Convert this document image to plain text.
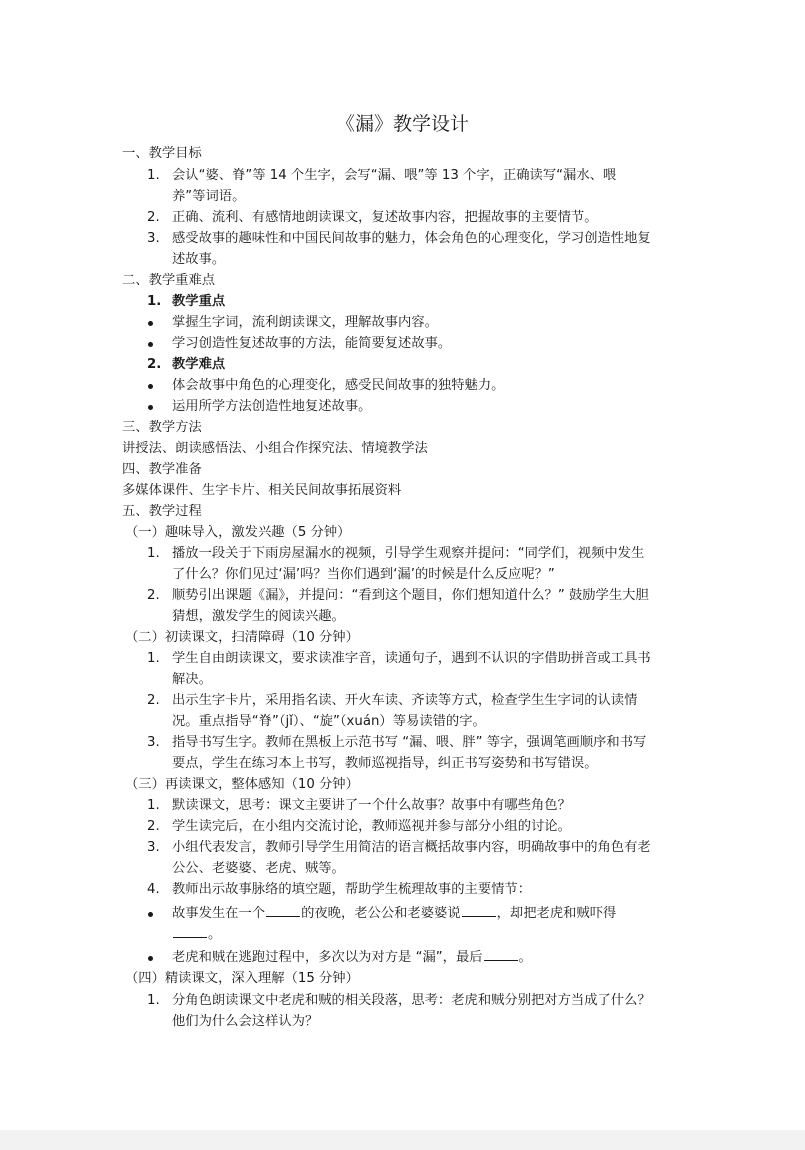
《漏》教学设计
一、教学目标
1. 会认“婆、脊”等 14 个生字，会写“漏、喂”等 13 个字，正确读写“漏水、喂
养”等词语。
2. 正确、流利、有感情地朗读课文，复述故事内容，把握故事的主要情节。
3. 感受故事的趣味性和中国民间故事的魅力，体会角色的心理变化，学习创造性地复
述故事。
二、教学重难点
1. 教学重点
掌握生字词，流利朗读课文，理解故事内容。
学习创造性复述故事的方法，能简要复述故事。
2. 教学难点
体会故事中角色的心理变化，感受民间故事的独特魅力。
运用所学方法创造性地复述故事。
三、教学方法
讲授法、朗读感悟法、小组合作探究法、情境教学法
四、教学准备
多媒体课件、生字卡片、相关民间故事拓展资料
五、教学过程
（一）趣味导入，激发兴趣（5 分钟）
1. 播放一段关于下雨房屋漏水的视频，引导学生观察并提问：“同学们，视频中发生
了什么？你们见过‘漏’吗？当你们遇到‘漏’的时候是什么反应呢？”
2. 顺势引出课题《漏》，并提问：“看到这个题目，你们想知道什么？” 鼓励学生大胆
猜想，激发学生的阅读兴趣。
（二）初读课文，扫清障碍（10 分钟）
1. 学生自由朗读课文，要求读准字音，读通句子，遇到不认识的字借助拼音或工具书
解决。
2. 出示生字卡片，采用指名读、开火车读、齐读等方式，检查学生生字词的认读情
况。重点指导“脊”（jǐ）、“旋”（xuán）等易读错的字。
3. 指导书写生字。教师在黑板上示范书写 “漏、喂、胖” 等字，强调笔画顺序和书写
要点，学生在练习本上书写，教师巡视指导，纠正书写姿势和书写错误。
（三）再读课文，整体感知（10 分钟）
1. 默读课文，思考：课文主要讲了一个什么故事？故事中有哪些角色？
2. 学生读完后，在小组内交流讨论，教师巡视并参与部分小组的讨论。
3. 小组代表发言，教师引导学生用简洁的语言概括故事内容，明确故事中的角色有老
公公、老婆婆、老虎、贼等。
4. 教师出示故事脉络的填空题，帮助学生梳理故事的主要情节：
故事发生在一个	的夜晚，老公公和老婆婆说	，却把老虎和贼吓得
。
老虎和贼在逃跑过程中，多次以为对方是 “漏”，最后	。
（四）精读课文，深入理解（15 分钟）
1. 分角色朗读课文中老虎和贼的相关段落，思考：老虎和贼分别把对方当成了什么？
他们为什么会这样认为？
